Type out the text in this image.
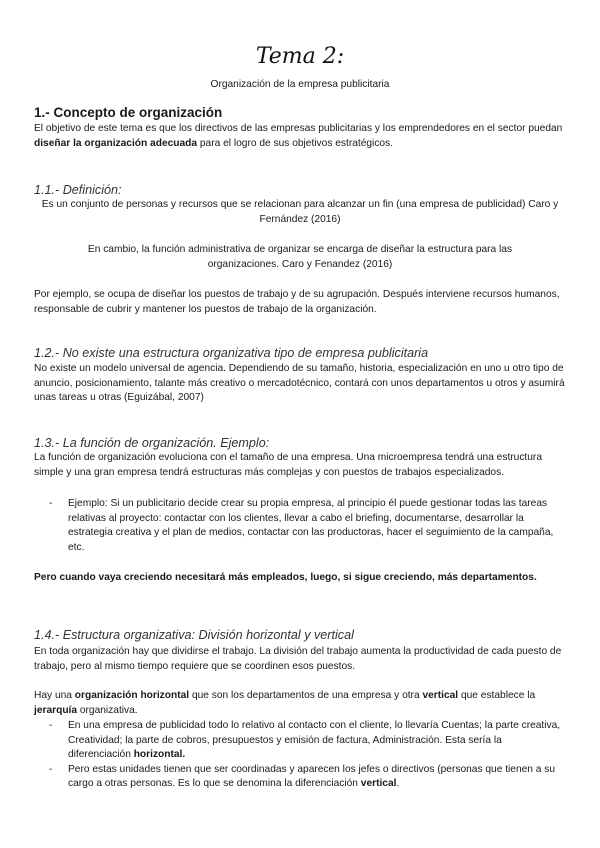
Tema 2:
Organización de la empresa publicitaria
1.- Concepto de organización
El objetivo de este tema es que los directivos de las empresas publicitarias y los emprendedores en el sector puedan diseñar la organización adecuada para el logro de sus objetivos estratégicos.
1.1.- Definición:
Es un conjunto de personas y recursos que se relacionan para alcanzar un fin (una empresa de publicidad) Caro y Fernández (2016)
En cambio, la función administrativa de organizar se encarga de diseñar la estructura para las organizaciones. Caro y Fenandez (2016)
Por ejemplo, se ocupa de diseñar los puestos de trabajo y de su agrupación. Después interviene recursos humanos, responsable de cubrir y mantener los puestos de trabajo de la organización.
1.2.- No existe una estructura organizativa tipo de empresa publicitaria
No existe un modelo universal de agencia. Dependiendo de su tamaño, historia, especialización en uno u otro tipo de anuncio, posicionamiento, talante más creativo o mercadotécnico, contará con unos departamentos u otros y asumirá unas tareas u otras (Eguizábal, 2007)
1.3.- La función de organización. Ejemplo:
La función de organización evoluciona con el tamaño de una empresa. Una microempresa tendrá una estructura simple y una gran empresa tendrá estructuras más complejas y con puestos de trabajos especializados.
- Ejemplo: Si un publicitario decide crear su propia empresa, al principio él puede gestionar todas las tareas relativas al proyecto: contactar con los clientes, llevar a cabo el briefing, documentarse, desarrollar la estrategia creativa y el plan de medios, contactar con las productoras, hacer el seguimiento de la campaña, etc.
Pero cuando vaya creciendo necesitará más empleados, luego, si sigue creciendo, más departamentos.
1.4.- Estructura organizativa: División horizontal y vertical
En toda organización hay que dividirse el trabajo. La división del trabajo aumenta la productividad de cada puesto de trabajo, pero al mismo tiempo requiere que se coordinen esos puestos.
Hay una organización horizontal que son los departamentos de una empresa y otra vertical que establece la jerarquía organizativa.
- En una empresa de publicidad todo lo relativo al contacto con el cliente, lo llevaría Cuentas; la parte creativa, Creatividad; la parte de cobros, presupuestos y emisión de factura, Administración. Esta sería la diferenciación horizontal.
- Pero estas unidades tienen que ser coordinadas y aparecen los jefes o directivos (personas que tienen a su cargo a otras personas. Es lo que se denomina la diferenciación vertical.
